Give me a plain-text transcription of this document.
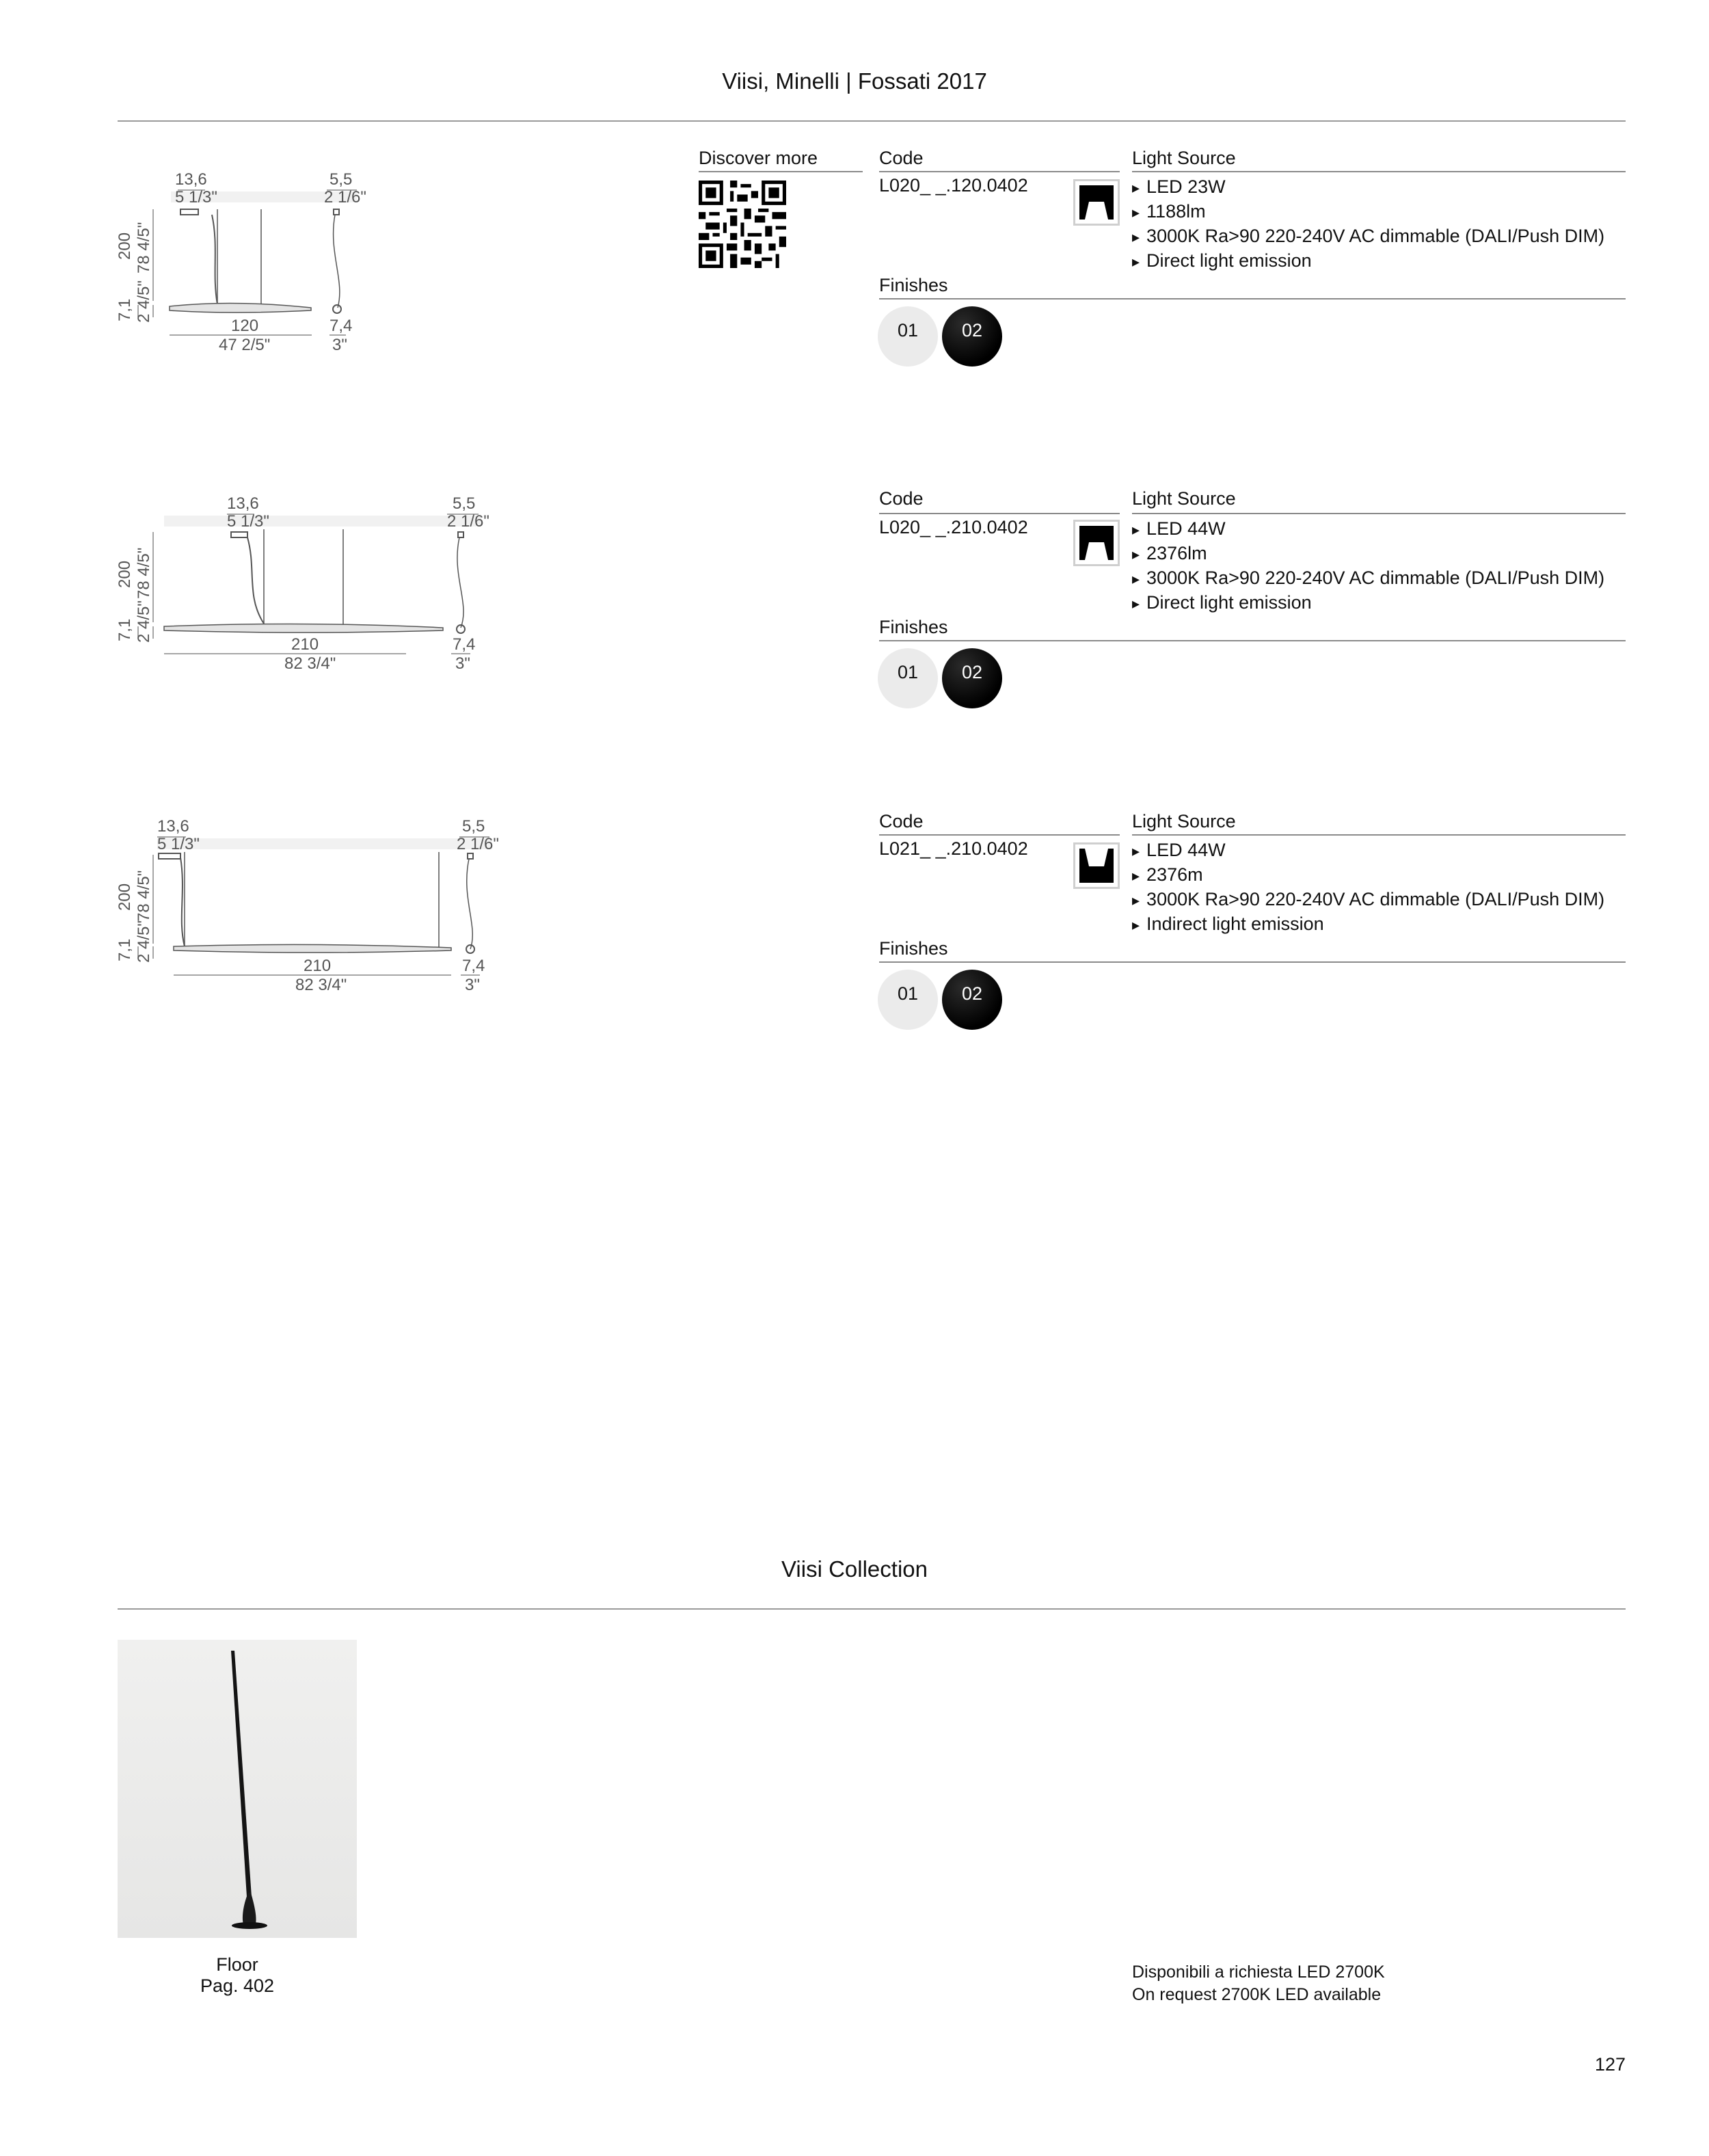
Viisi, Minelli | Fossati 2017
13,6
5 1/3"
5,5
2 1/6"
200 78 4/5"
7,1 2 4/5"
120
47 2/5"
7,4
3"
Discover more	Code
L020_ _.120.0402
Light Source
▸ LED 23W
▸ 1188lm
▸ 3000K Ra>90 220-240V AC dimmable (DALI/Push DIM)
▸ Direct light emission
Finishes
01 02
13,6
5 1/3"
5,5
2 1/6"
200 78 4/5"
7,1 2 4/5"
210
82 3/4"
7,4
3"
Code
L020_ _.210.0402
Light Source
▸ LED 44W
▸ 2376lm
▸ 3000K Ra>90 220-240V AC dimmable (DALI/Push DIM)
▸ Direct light emission
Finishes
01 02
13,6
5 1/3"
5,5
2 1/6"
200 78 4/5"
7,1 2 4/5"
210
82 3/4"
7,4
3"
Code
L021_ _.210.0402
Light Source
▸ LED 44W
▸ 2376m
▸ 3000K Ra>90 220-240V AC dimmable (DALI/Push DIM)
▸ Indirect light emission
Finishes
01 02
Viisi Collection
Floor
Pag. 402
Disponibili a richiesta LED 2700K
On request 2700K LED available
127
